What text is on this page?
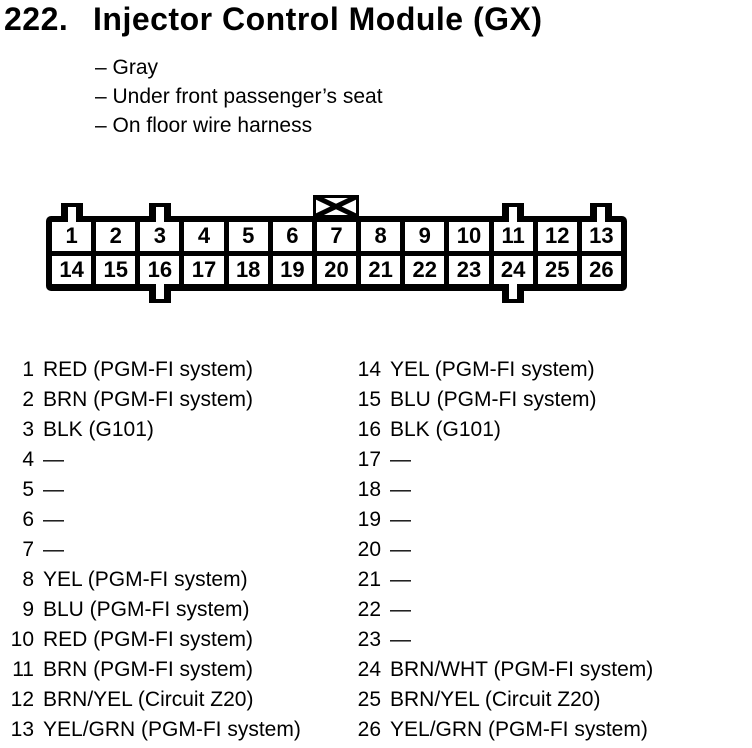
222. Injector Control Module (GX)
– Gray
– Under front passenger’s seat
– On floor wire harness
1	2	3	4	5	6	7	8	9	10 11 12 13
14 15 16 17 18 19 20 21 22 23 24 25 26
1 RED (PGM-FI system)
2 BRN (PGM-FI system)
3 BLK (G101)
4 —
5 —
6 —
7 —
8 YEL (PGM-FI system)
9 BLU (PGM-FI system)
10 RED (PGM-FI system)
11 BRN (PGM-FI system)
12 BRN/YEL (Circuit Z20)
13 YEL/GRN (PGM-FI system)
14 YEL (PGM-FI system)
15 BLU (PGM-FI system)
16 BLK (G101)
17 —
18 —
19 —
20 —
21 —
22 —
23 —
24 BRN/WHT (PGM-FI system)
25 BRN/YEL (Circuit Z20)
26 YEL/GRN (PGM-FI system)
